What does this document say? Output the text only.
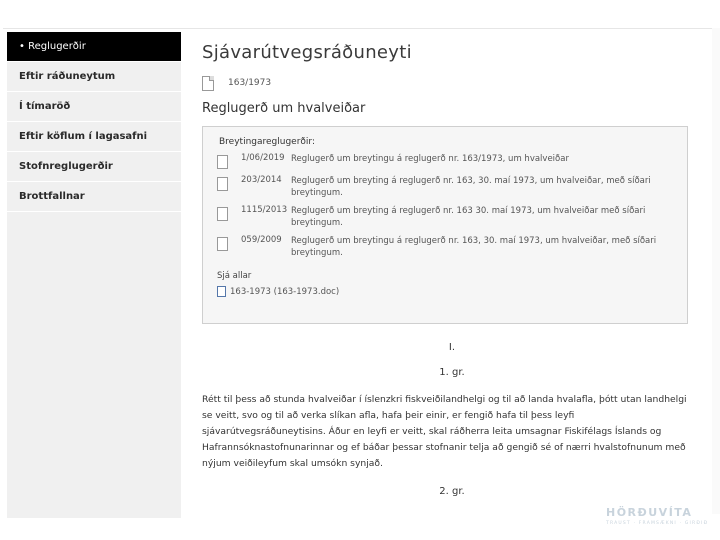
• Reglugerðir
Eftir ráðuneytum
Í tímaröð
Eftir köflum í lagasafni
Stofnreglugerðir
Brottfallnar
Sjávarútvegsráðuneyti
163/1973
Reglugerð um hvalveiðar
Breytingareglugerðir:
1/06/2019 Reglugerð um breytingu á reglugerð nr. 163/1973, um hvalveiðar
203/2014	Reglugerð um breyting á reglugerð nr. 163, 30. maí 1973, um hvalveiðar, með síðari breytingum.
1115/2013 Reglugerð um breyting á reglugerð nr. 163 30. maí 1973, um hvalveiðar með síðari breytingum.
059/2009	Reglugerð um breytingu á reglugerð nr. 163, 30. maí 1973, um hvalveiðar, með síðari breytingum.
Sjá allar
163-1973 (163-1973.doc)
I.
1. gr.

Rétt til þess að stunda hvalveiðar í íslenzkri fiskveiðilandhelgi og til að landa hvalafla, þótt utan landhelgi se veitt, svo og til að verka slíkan afla, hafa þeir einir, er fengið hafa til þess leyfi sjávarútvegsráðuneytisins. Áður en leyfi er veitt, skal ráðherra leita umsagnar Fiskifélags Íslands og Hafrannsóknastofnunarinnar og ef báðar þessar stofnanir telja að gengið sé of nærri hvalstofnunum með nýjum veiðileyfum skal umsókn synjað.

2. gr.
HÖRÐUVÍTA
TRAUST · FRAMSÆKNI · GIRÐIÐ
